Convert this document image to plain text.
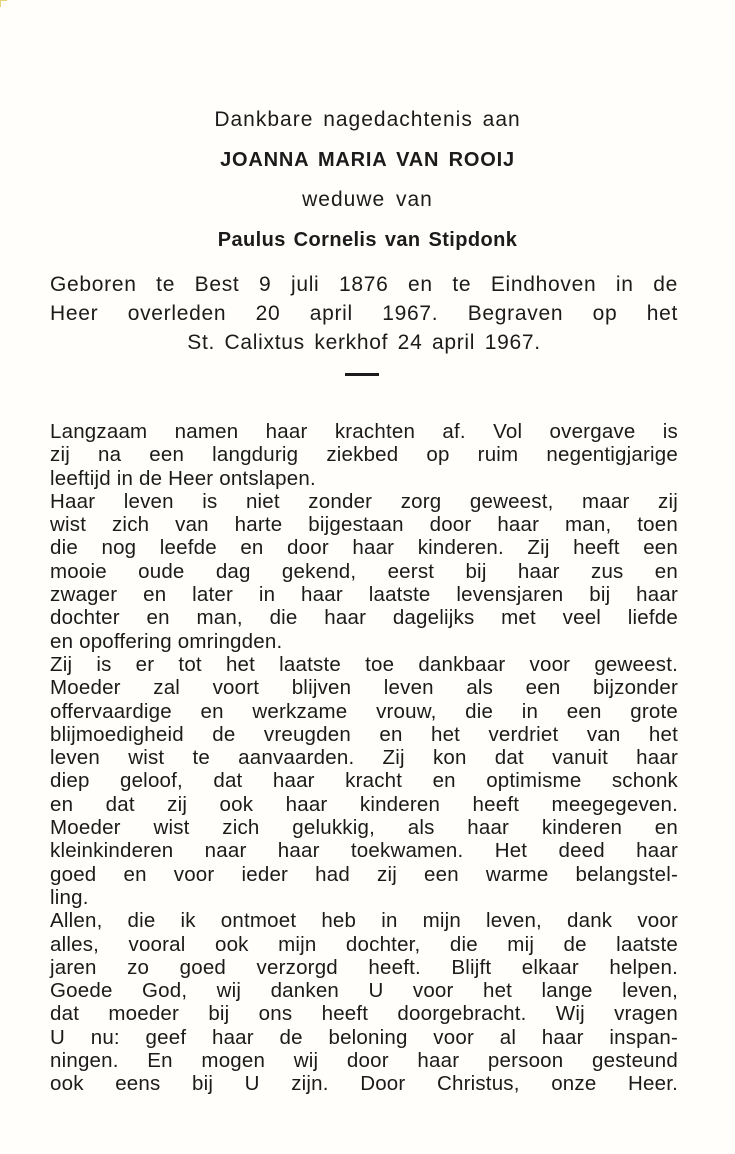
Dankbare nagedachtenis aan
JOANNA MARIA VAN ROOIJ
weduwe van
Paulus Cornelis van Stipdonk
Geboren te Best 9 juli 1876 en te Eindhoven in de
Heer overleden 20 april 1967. Begraven op het
St. Calixtus kerkhof 24 april 1967.
Langzaam namen haar krachten af. Vol overgave is
zij na een langdurig ziekbed op ruim negentigjarige
leeftijd in de Heer ontslapen.
Haar leven is niet zonder zorg geweest, maar zij
wist zich van harte bijgestaan door haar man, toen
die nog leefde en door haar kinderen. Zij heeft een
mooie oude dag gekend, eerst bij haar zus en
zwager en later in haar laatste levensjaren bij haar
dochter en man, die haar dagelijks met veel liefde
en opoffering omringden.
Zij is er tot het laatste toe dankbaar voor geweest.
Moeder zal voort blijven leven als een bijzonder
offervaardige en werkzame vrouw, die in een grote
blijmoedigheid de vreugden en het verdriet van het
leven wist te aanvaarden. Zij kon dat vanuit haar
diep geloof, dat haar kracht en optimisme schonk
en dat zij ook haar kinderen heeft meegegeven.
Moeder wist zich gelukkig, als haar kinderen en
kleinkinderen naar haar toekwamen. Het deed haar
goed en voor ieder had zij een warme belangstel-
ling.
Allen, die ik ontmoet heb in mijn leven, dank voor
alles, vooral ook mijn dochter, die mij de laatste
jaren zo goed verzorgd heeft. Blijft elkaar helpen.
Goede God, wij danken U voor het lange leven,
dat moeder bij ons heeft doorgebracht. Wij vragen
U nu: geef haar de beloning voor al haar inspan-
ningen. En mogen wij door haar persoon gesteund
ook eens bij U zijn. Door Christus, onze Heer.
